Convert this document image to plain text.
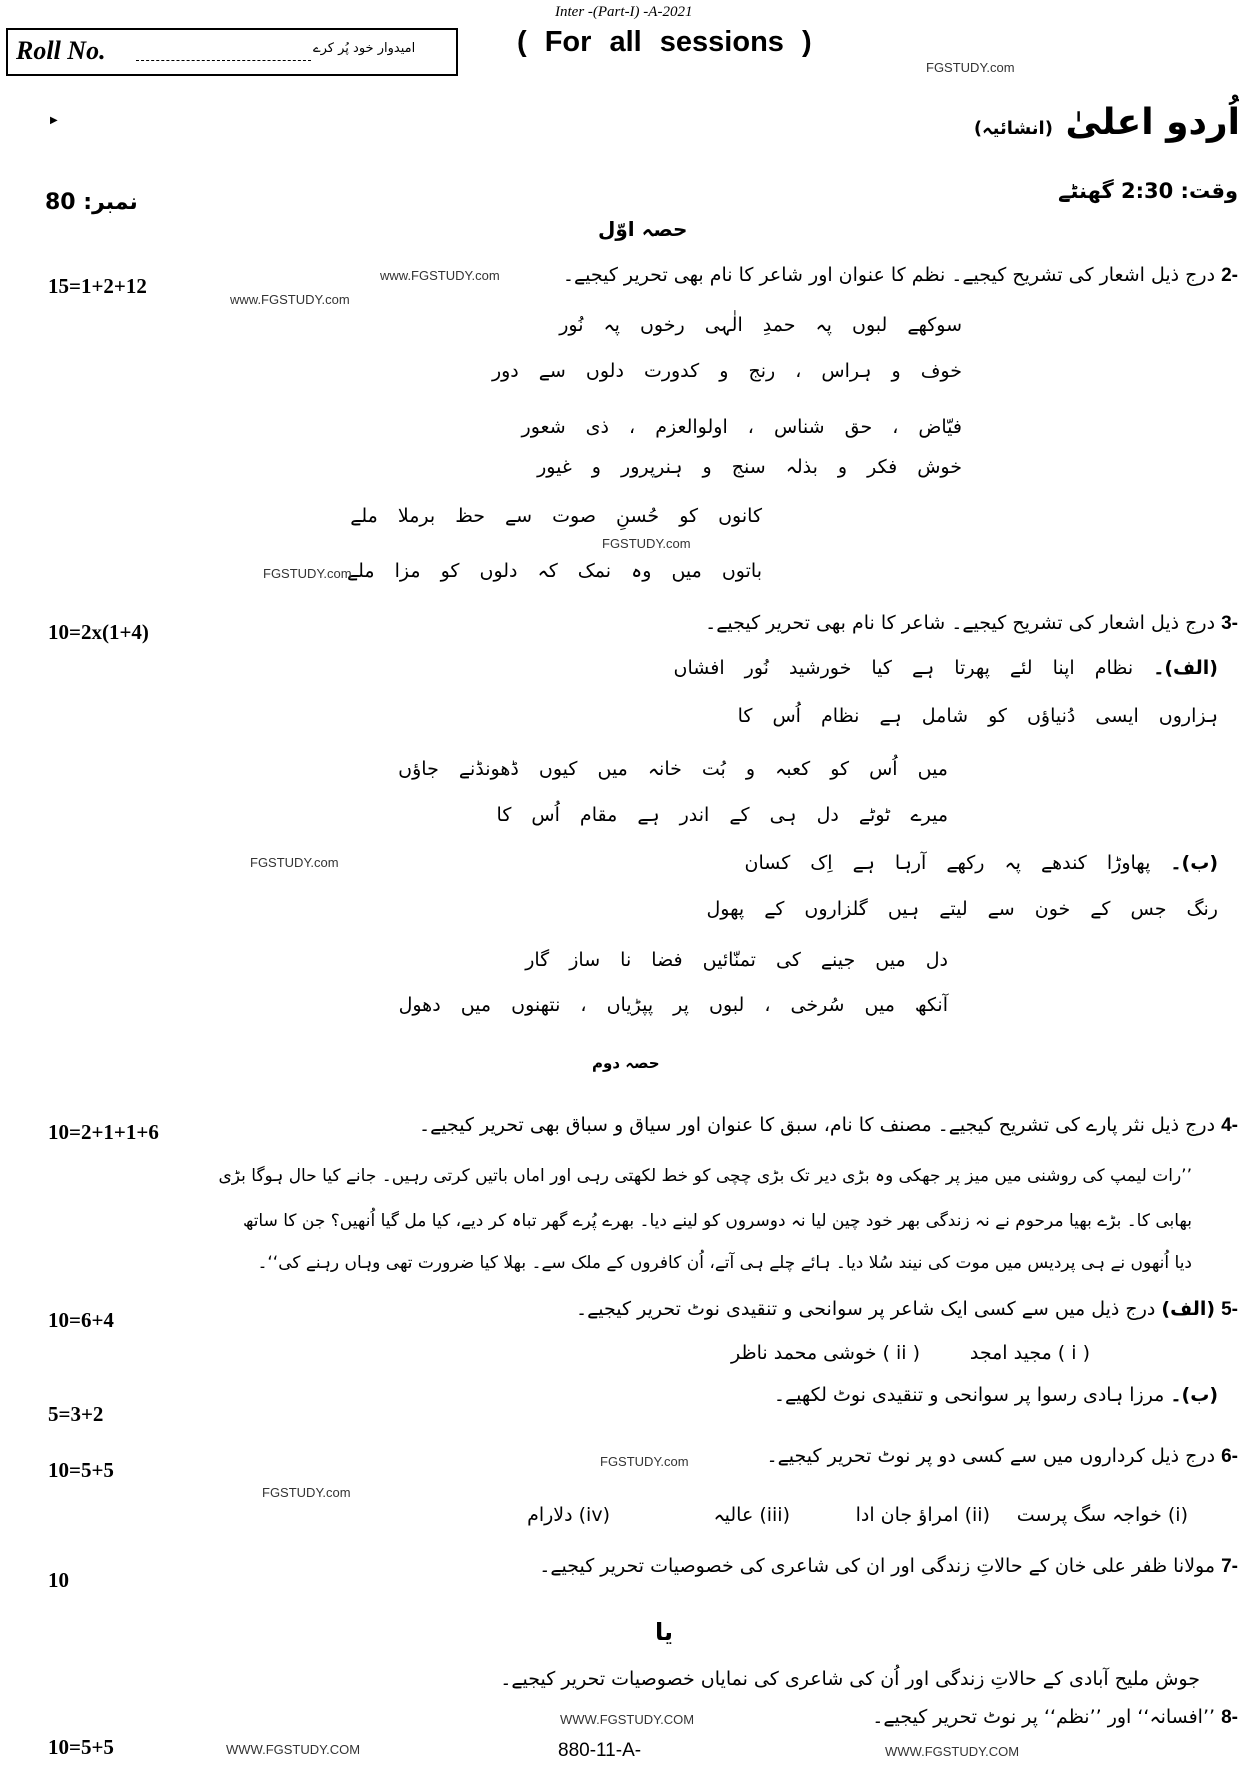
Inter -(Part-I) -A-2021
Roll No.	امیدوار خود پُر کرے	( For all sessions )
FGSTUDY.com
▶	اُردو اعلیٰ (انشائیہ)
وقت: 2:30 گھنٹے
نمبر: 80
حصہ اوّل
www.FGSTUDY.com	-2 درج ذیل اشعار کی تشریح کیجیے۔ نظم کا عنوان اور شاعر کا نام بھی تحریر کیجیے۔
15=1+2+12
www.FGSTUDY.com
سوکھے لبوں پہ حمدِ الٰہی رخوں پہ نُور
خوف و ہراس ، رنج و کدورت دلوں سے دور
فیّاض ، حق شناس ، اولوالعزم ، ذی شعور
خوش فکر و بذلہ سنج و ہنرپرور و غیور
کانوں کو حُسنِ صوت سے حظ برملا ملے
FGSTUDY.com
باتوں میں وہ نمک کہ دلوں کو مزا ملے
FGSTUDY.com
-3 درج ذیل اشعار کی تشریح کیجیے۔ شاعر کا نام بھی تحریر کیجیے۔
10=2x(1+4)
(الف)۔ نظام اپنا لئے پھرتا ہے کیا خورشید نُور افشاں
ہزاروں ایسی دُنیاؤں کو شامل ہے نظام اُس کا
میں اُس کو کعبہ و بُت خانہ میں کیوں ڈھونڈنے جاؤں
میرے ٹوٹے دل ہی کے اندر ہے مقام اُس کا
FGSTUDY.com	(ب)۔ پھاوڑا کندھے پہ رکھے آرہا ہے اِک کسان
رنگ جس کے خون سے لیتے ہیں گلزاروں کے پھول
دل میں جینے کی تمنّائیں فضا نا ساز گار
آنکھ میں سُرخی ، لبوں پر پپڑیاں ، نتھنوں میں دھول
حصہ دوم
-4 درج ذیل نثر پارے کی تشریح کیجیے۔ مصنف کا نام، سبق کا عنوان اور سیاق و سباق بھی تحریر کیجیے۔
10=2+1+1+6
’’رات لیمپ کی روشنی میں میز پر جھکی وہ بڑی دیر تک بڑی چچی کو خط لکھتی رہی اور اماں باتیں کرتی رہیں۔ جانے کیا حال ہوگا بڑی
بھابی کا۔ بڑے بھیا مرحوم نے نہ زندگی بھر خود چین لیا نہ دوسروں کو لینے دیا۔ بھرے پُرے گھر تباہ کر دیے، کیا مل گیا اُنھیں؟ جن کا ساتھ
دیا اُنھوں نے ہی پردیس میں موت کی نیند سُلا دیا۔ ہائے چلے ہی آتے، اُن کافروں کے ملک سے۔ بھلا کیا ضرورت تھی وہاں رہنے کی‘‘۔
-5 (الف) درج ذیل میں سے کسی ایک شاعر پر سوانحی و تنقیدی نوٹ تحریر کیجیے۔
10=6+4
( i ) مجید امجد
( ii ) خوشی محمد ناظر
(ب)۔ مرزا ہادی رسوا پر سوانحی و تنقیدی نوٹ لکھیے۔
5=3+2
-6 درج ذیل کرداروں میں سے کسی دو پر نوٹ تحریر کیجیے۔
FGSTUDY.com
10=5+5
FGSTUDY.com
(i) خواجہ سگ پرست
(ii) امراؤ جان ادا
(iii) عالیہ
(iv) دلارام
-7 مولانا ظفر علی خان کے حالاتِ زندگی اور ان کی شاعری کی خصوصیات تحریر کیجیے۔
10
یا
جوش ملیح آبادی کے حالاتِ زندگی اور اُن کی شاعری کی نمایاں خصوصیات تحریر کیجیے۔
-8 ’’افسانہ‘‘ اور ’’نظم‘‘ پر نوٹ تحریر کیجیے۔
WWW.FGSTUDY.COM
10=5+5	WWW.FGSTUDY.COM	880-11-A-	WWW.FGSTUDY.COM
